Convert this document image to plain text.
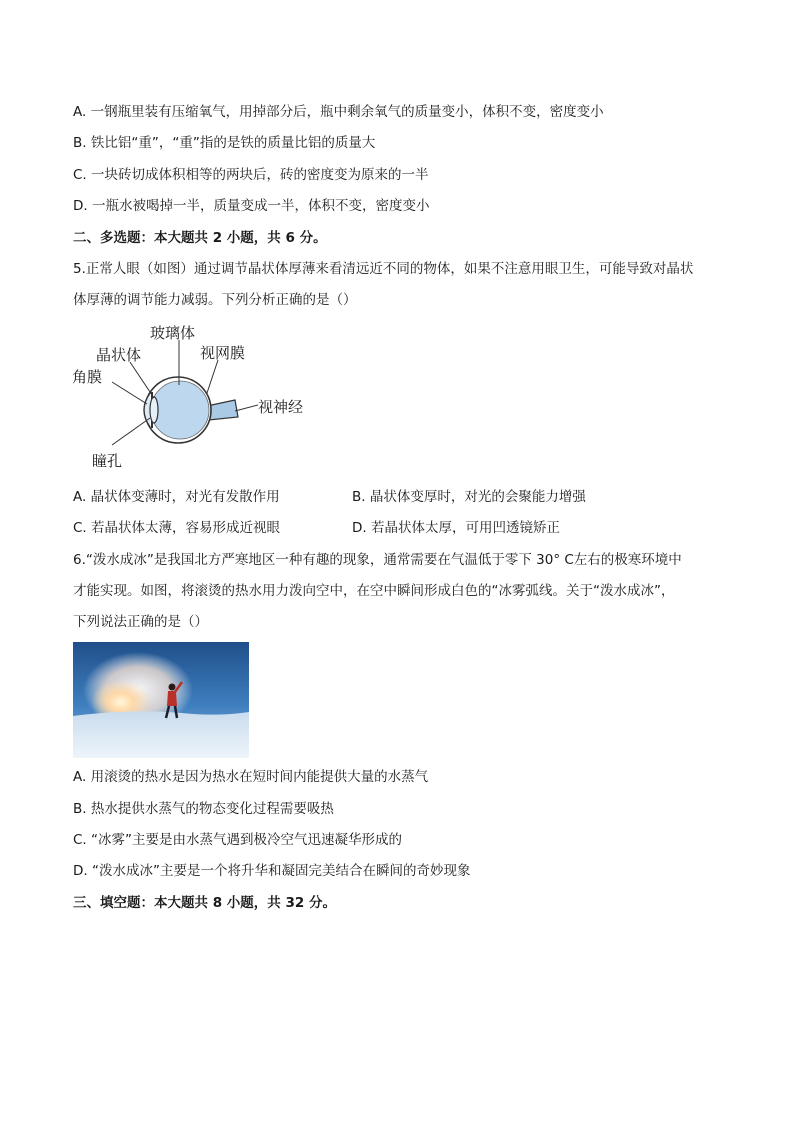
A. 一钢瓶里装有压缩氧气，用掉部分后，瓶中剩余氧气的质量变小，体积不变，密度变小
B. 铁比铝“重”，“重”指的是铁的质量比铝的质量大
C. 一块砖切成体积相等的两块后，砖的密度变为原来的一半
D. 一瓶水被喝掉一半，质量变成一半，体积不变，密度变小
二、多选题：本大题共 2 小题，共 6 分。
5.正常人眼（如图）通过调节晶状体厚薄来看清远近不同的物体，如果不注意用眼卫生，可能导致对晶状
体厚薄的调节能力减弱。下列分析正确的是（）
玻璃体
晶状体	视网膜
角膜
视神经
瞳孔
A. 晶状体变薄时，对光有发散作用	B. 晶状体变厚时，对光的会聚能力增强
C. 若晶状体太薄，容易形成近视眼	D. 若晶状体太厚，可用凹透镜矫正
6.“泼水成冰”是我国北方严寒地区一种有趣的现象，通常需要在气温低于零下 30° C左右的极寒环境中
才能实现。如图，将滚烫的热水用力泼向空中，在空中瞬间形成白色的“冰雾弧线。关于“泼水成冰”，
下列说法正确的是（）
A. 用滚烫的热水是因为热水在短时间内能提供大量的水蒸气
B. 热水提供水蒸气的物态变化过程需要吸热
C. “冰雾”主要是由水蒸气遇到极冷空气迅速凝华形成的
D. “泼水成冰”主要是一个将升华和凝固完美结合在瞬间的奇妙现象
三、填空题：本大题共 8 小题，共 32 分。
